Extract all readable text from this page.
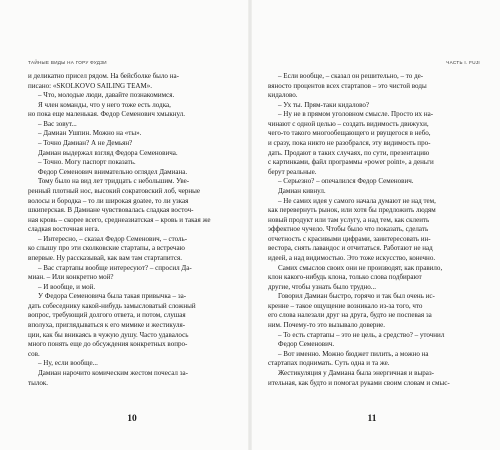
ТАЙНЫЕ ВИДЫ НА ГОРУ ФУДЗИ

и деликатно присел рядом. На бейсболке было на-

писано: «SKOLKOVO SAILING TEAM».

– Что, молодые люди, давайте познакомимся.

Я член команды, что у него тоже есть лодка,

но пока еще маленькая. Федор Семенович хмыкнул.

– Вас зовут...

– Дамиан Ушпин. Можно на «ты».

– Точно Дамиан? А не Демьян?

Дамиан выдержал взгляд Федора Семеновича.

– Точно. Могу паспорт показать.

Федор Семенович внимательно оглядел Дамиана.

Тому было на вид лет тридцать с небольшим. Уве-

ренный плотный нос, высокий сократовский лоб, черные

волосы и бородка – то ли широкая goatee, то ли узкая

шкиперская. В Дамиане чувствовалась сладкая восточ-

ная кровь – скорее всего, среднеазиатская – кровь и такая же

сладкая восточная нега.

– Интересно, – сказал Федор Семенович, – столь-

ко слышу про эти сколковские стартапы, а встречаю

впервые. Ну рассказывай, как вам там стартапится.

– Вас стартапы вообще интересуют? – спросил Да-

миан. – Или конкретно мой?

– И вообще, и мой.

У Федора Семеновича была такая привычка – за-

дать собеседнику какой-нибудь замысловатый сложный

вопрос, требующий долгого ответа, и потом, слушая

вполуха, приглядываться к его мимике и жестикуля-

ции, как бы вникаясь в чужую душу. Часто удавалось

много понять еще до обсуждения конкретных вопро-

сов.

– Ну, если вообще...

Дамиан нарочито комическим жестом почесал за-

тылок.

10
ЧАСТЬ I. FUJI

– Если вообще, – сказал он решительно, – то де-

вяносто процентов всех стартапов – это чистой воды

кидалово.

– Ух ты. Прям-таки кидалово?

– Ну не в прямом уголовном смысле. Просто их на-

чинают с одной целью – создать видимость движухи,

чего-то такого многообещающего и рвущегося в небо,

и сразу, пока никто не разобрался, эту видимость про-

дать. Продают в таких случаях, по сути, презентацию

с картинками, файл программы «power point», а деньги

берут реальные.

– Серьезно? – опечалился Федор Семенович.

Дамиан кивнул.

– Не самих идея у самого начала думают не над тем,

как перевернуть рынок, или хотя бы предложить людям

новый продукт или там услугу, а над тем, как склеить

эффектное чучело. Чтобы было что показать, сделать

отчетность с красивыми цифрами, заинтересовать ин-

вестора, снять лавандос и отчитаться. Работают не над

идеей, а над видимостью. Это тоже искусство, конечно.

Самих смыслов своих они не производят, как правило,

клон какого-нибудь клона, только слова подбирают

другие, чтобы узнать было трудно...

Говорил Дамиан быстро, горячо и так был очень ис-

кренне – такое ощущение возникало из-за того, что

его слова налезали друг на друга, будто не поспевая за

ним. Почему-то это вызывало доверие.

– То есть стартапы – это не цель, а средство? – уточнил

Федор Семенович.

– Вот именно. Можно бюджет пилить, а можно на

стартапах поднимать. Суть одна и та же.

Жестикуляция у Дамиана была энергичная и выраз-

ительная, как будто и помогал руками своим словам и смыс-

11
